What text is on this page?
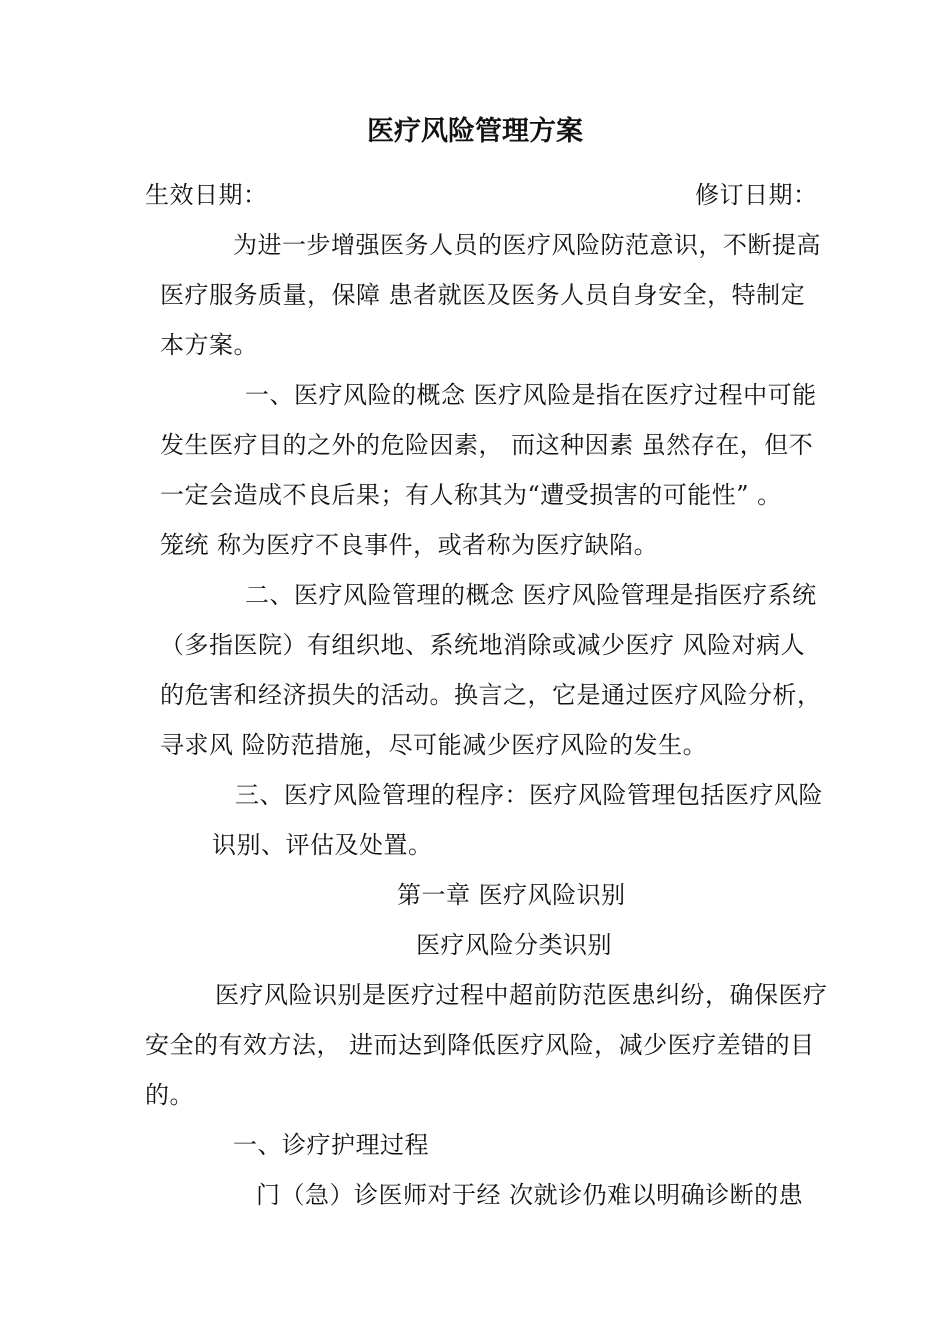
医疗风险管理方案
生效日期：	修订日期：
为进一步增强医务人员的医疗风险防范意识，不断提高
医疗服务质量，保障 患者就医及医务人员自身安全，特制定
本方案。
一、医疗风险的概念 医疗风险是指在医疗过程中可能
发生医疗目的之外的危险因素， 而这种因素 虽然存在，但不
一定会造成不良后果；有人称其为“遭受损害的可能性” 。
笼统 称为医疗不良事件，或者称为医疗缺陷。
二、医疗风险管理的概念 医疗风险管理是指医疗系统
（多指医院）有组织地、系统地消除或减少医疗 风险对病人
的危害和经济损失的活动。换言之，它是通过医疗风险分析，
寻求风 险防范措施，尽可能减少医疗风险的发生。
三、医疗风险管理的程序：医疗风险管理包括医疗风险
识别、评估及处置。
第一章 医疗风险识别
医疗风险分类识别
医疗风险识别是医疗过程中超前防范医患纠纷，确保医疗
安全的有效方法， 进而达到降低医疗风险，减少医疗差错的目
的。
一、诊疗护理过程
门（急）诊医师对于经 次就诊仍难以明确诊断的患
